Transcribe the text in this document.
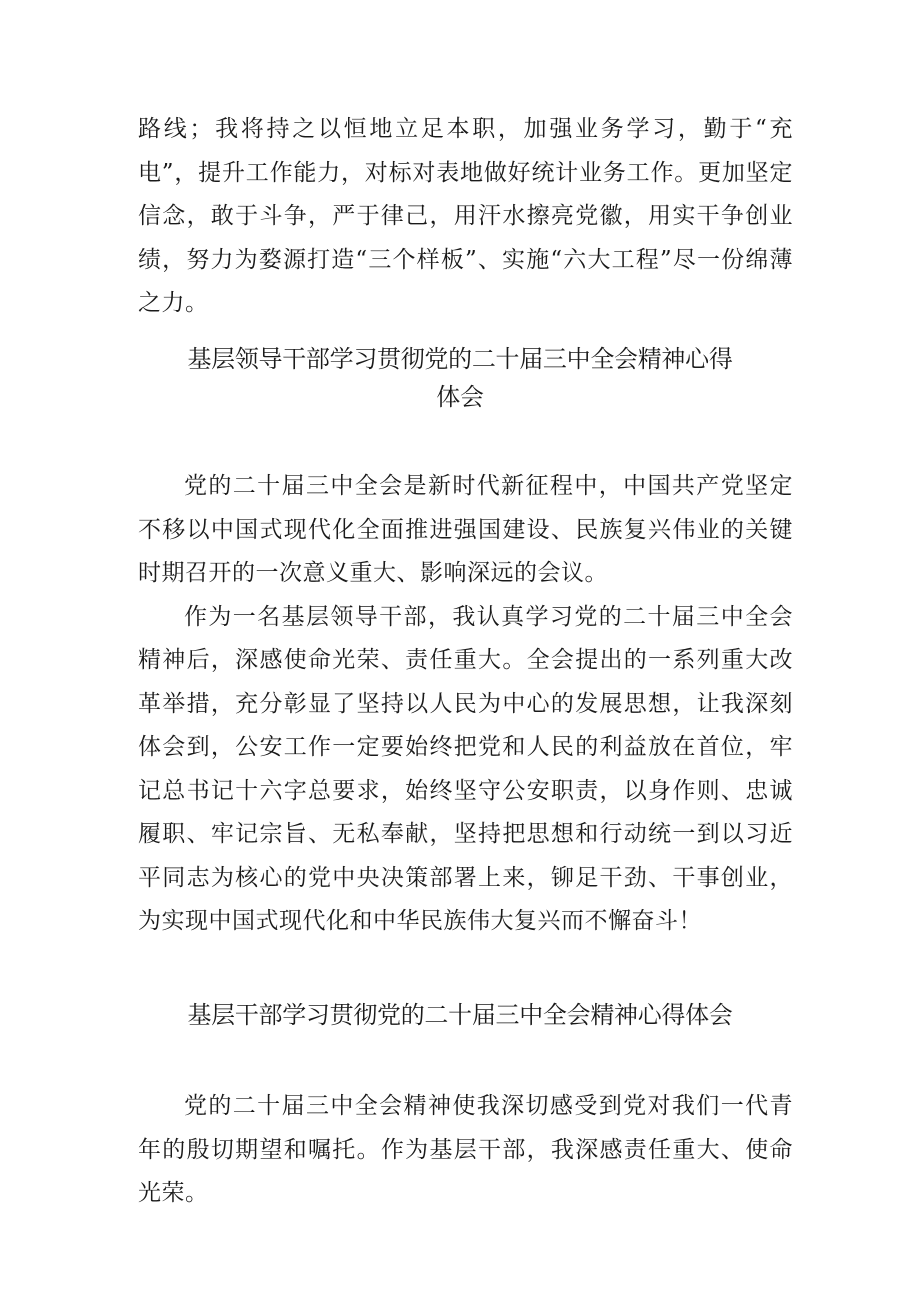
路线；我将持之以恒地立足本职，加强业务学习，勤于“充电”，提升工作能力，对标对表地做好统计业务工作。更加坚定信念，敢于斗争，严于律己，用汗水擦亮党徽，用实干争创业绩，努力为婺源打造“三个样板”、实施“六大工程”尽一份绵薄之力。

基层领导干部学习贯彻党的二十届三中全会精神心得
体会

党的二十届三中全会是新时代新征程中，中国共产党坚定不移以中国式现代化全面推进强国建设、民族复兴伟业的关键时期召开的一次意义重大、影响深远的会议。

作为一名基层领导干部，我认真学习党的二十届三中全会精神后，深感使命光荣、责任重大。全会提出的一系列重大改革举措，充分彰显了坚持以人民为中心的发展思想，让我深刻体会到，公安工作一定要始终把党和人民的利益放在首位，牢记总书记十六字总要求，始终坚守公安职责，以身作则、忠诚履职、牢记宗旨、无私奉献，坚持把思想和行动统一到以习近平同志为核心的党中央决策部署上来，铆足干劲、干事创业，为实现中国式现代化和中华民族伟大复兴而不懈奋斗！

基层干部学习贯彻党的二十届三中全会精神心得体会

党的二十届三中全会精神使我深切感受到党对我们一代青年的殷切期望和嘱托。作为基层干部，我深感责任重大、使命光荣。
